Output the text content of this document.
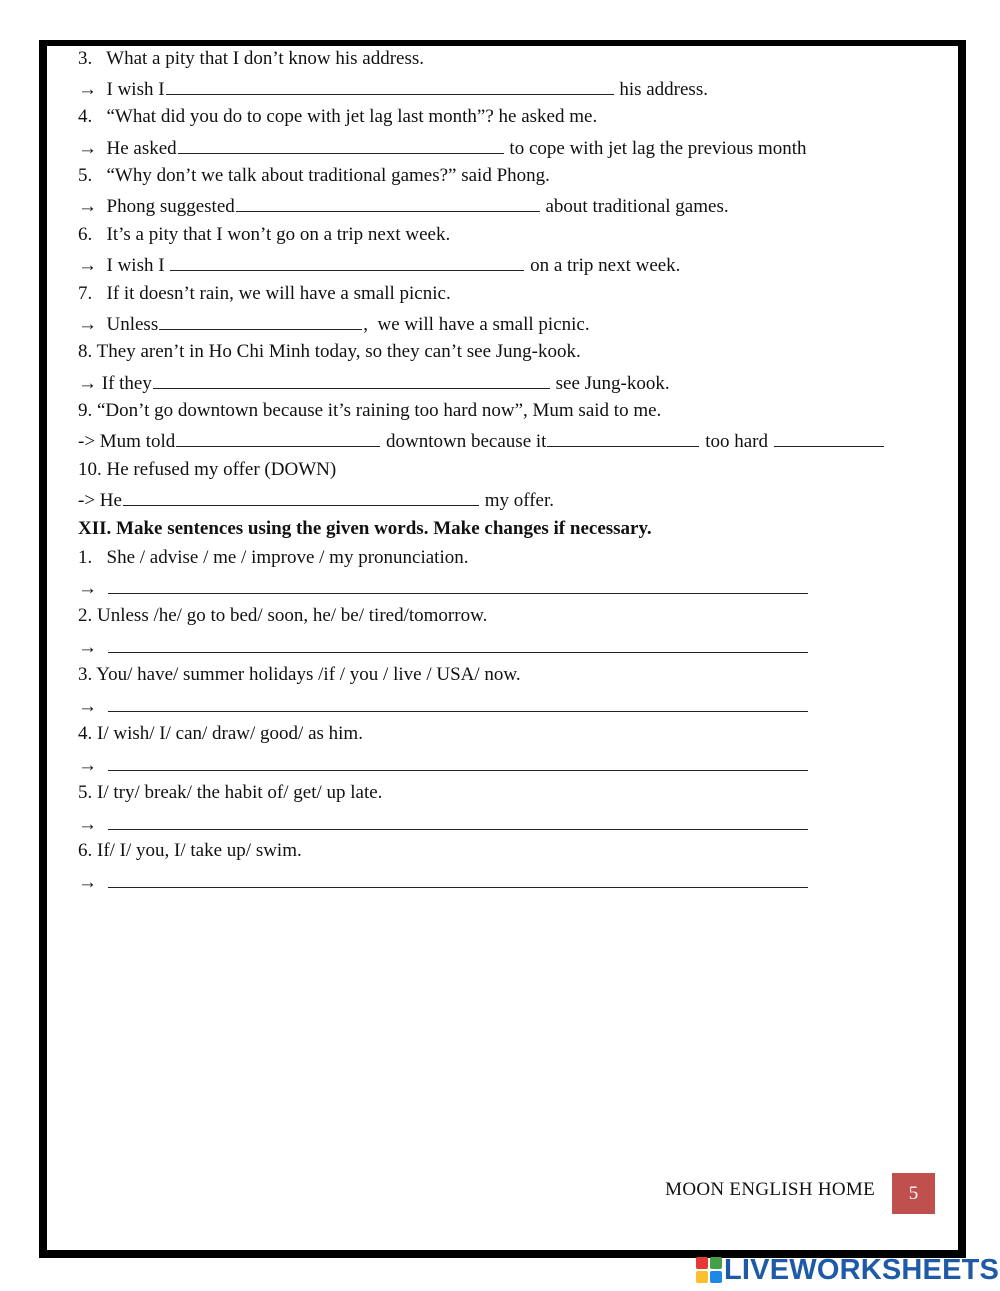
3.   What a pity that I don’t know his address.
→  I wish I	his address.
4.   “What did you do to cope with jet lag last month”? he asked me.
→  He asked	to cope with jet lag the previous month
5.   “Why don’t we talk about traditional games?” said Phong.
→  Phong suggested	about traditional games.
6.   It’s a pity that I won’t go on a trip next week.
→  I wish I	on a trip next week.
7.   If it doesn’t rain, we will have a small picnic.
→  Unless	,  we will have a small picnic.
8. They aren’t in Ho Chi Minh today, so they can’t see Jung-kook.
→ If they	see Jung-kook.
9. “Don’t go downtown because it’s raining too hard now”, Mum said to me.
-> Mum told	downtown because it	too hard
10. He refused my offer (DOWN)
-> He	my offer.
XII. Make sentences using the given words. Make changes if necessary.
1.   She / advise / me / improve / my pronunciation.
→
2. Unless /he/ go to bed/ soon, he/ be/ tired/tomorrow.
→
3. You/ have/ summer holidays /if / you / live / USA/ now.
→
4. I/ wish/ I/ can/ draw/ good/ as him.
→
5. I/ try/ break/ the habit of/ get/ up late.
→
6. If/ I/ you, I/ take up/ swim.
→
MOON ENGLISH HOME	5
LIVEWORKSHEETS
